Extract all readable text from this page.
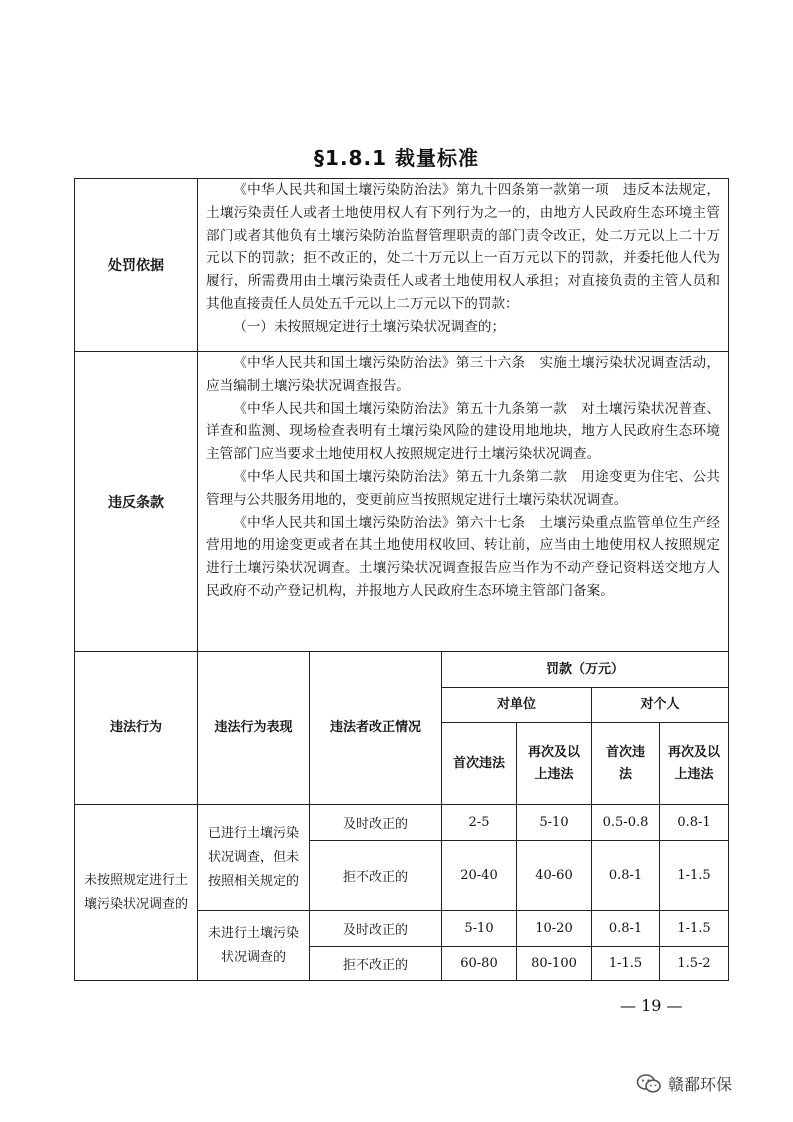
§1.8.1 裁量标准
处罚依据	《中华人民共和国土壤污染防治法》第九十四条第一款第一项　违反本法规定，土壤污染责任人或者土地使用权人有下列行为之一的，由地方人民政府生态环境主管部门或者其他负有土壤污染防治监督管理职责的部门责令改正，处二万元以上二十万元以下的罚款；拒不改正的，处二十万元以上一百万元以下的罚款，并委托他人代为履行，所需费用由土壤污染责任人或者土地使用权人承担；对直接负责的主管人员和其他直接责任人员处五千元以上二万元以下的罚款：

（一）未按照规定进行土壤污染状况调查的；

违反条款	《中华人民共和国土壤污染防治法》第三十六条　实施土壤污染状况调查活动，应当编制土壤污染状况调查报告。

《中华人民共和国土壤污染防治法》第五十九条第一款　对土壤污染状况普查、详查和监测、现场检查表明有土壤污染风险的建设用地地块，地方人民政府生态环境主管部门应当要求土地使用权人按照规定进行土壤污染状况调查。

《中华人民共和国土壤污染防治法》第五十九条第二款　用途变更为住宅、公共管理与公共服务用地的，变更前应当按照规定进行土壤污染状况调查。

《中华人民共和国土壤污染防治法》第六十七条　土壤污染重点监管单位生产经营用地的用途变更或者在其土地使用权收回、转让前，应当由土地使用权人按照规定进行土壤污染状况调查。土壤污染状况调查报告应当作为不动产登记资料送交地方人民政府不动产登记机构，并报地方人民政府生态环境主管部门备案。

违法行为	违法行为表现	违法者改正情况	罚款（万元）			
			对单位		对个人	
			首次违法	再次及以上违法	首次违法	再次及以上违法
未按照规定进行土壤污染状况调查的	已进行土壤污染状况调查，但未按照相关规定的	及时改正的	2-5	5-10	0.5-0.8	0.8-1
		拒不改正的	20-40	40-60	0.8-1	1-1.5
	未进行土壤污染状况调查的	及时改正的	5-10	10-20	0.8-1	1-1.5
		拒不改正的	60-80	80-100	1-1.5	1.5-2
— 19 —
赣鄱环保
